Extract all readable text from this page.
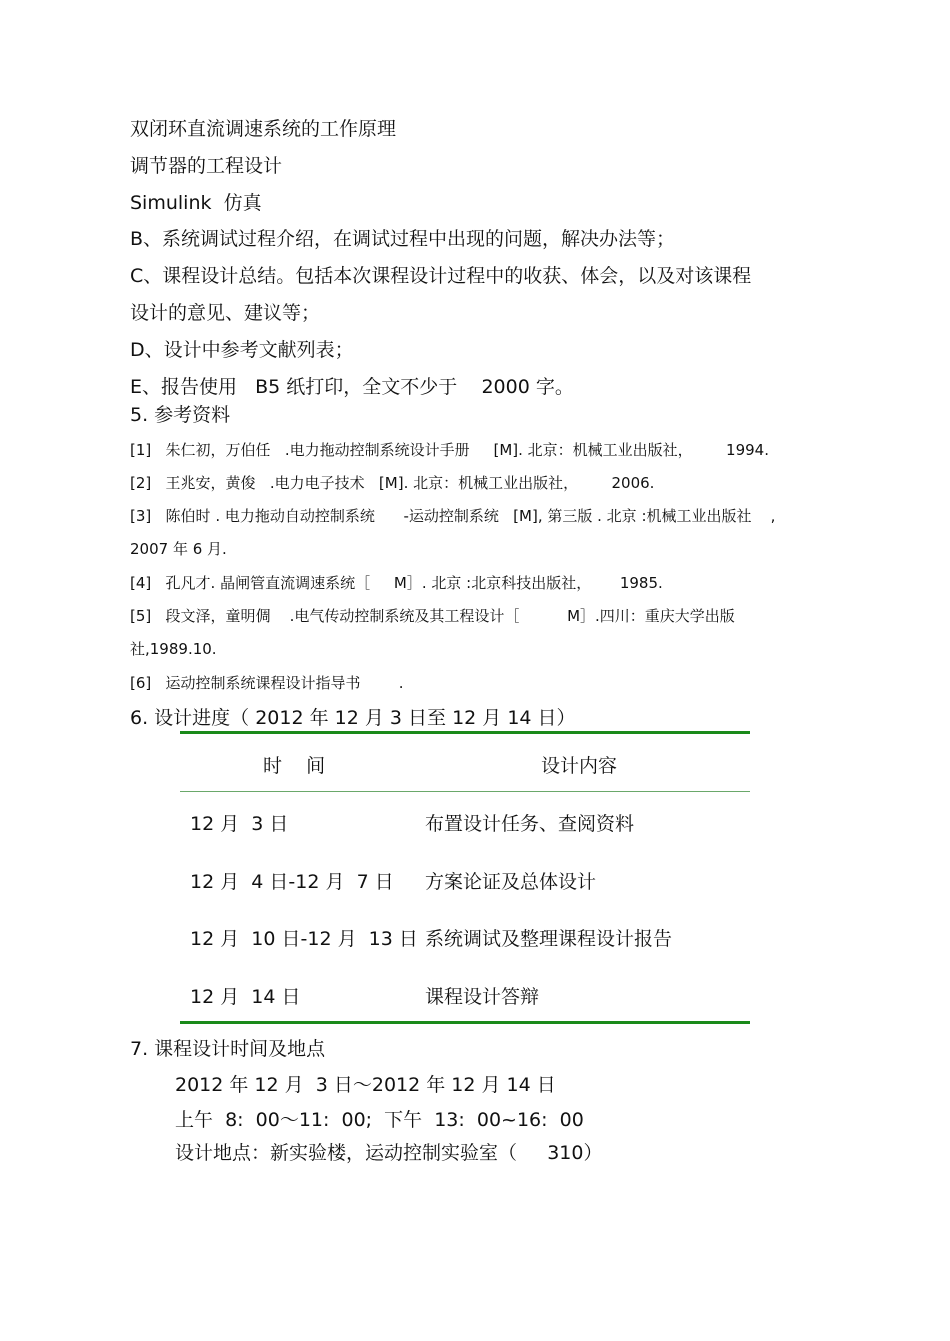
双闭环直流调速系统的工作原理
调节器的工程设计
Simulink  仿真
B、系统调试过程介绍，在调试过程中出现的问题，解决办法等；
C、课程设计总结。包括本次课程设计过程中的收获、体会，以及对该课程
设计的意见、建议等；
D、设计中参考文献列表；
E、报告使用   B5 纸打印，全文不少于    2000 字。
5. 参考资料
[1]   朱仁初，万伯任   .电力拖动控制系统设计手册     [M]. 北京：机械工业出版社，       1994.
[2]   王兆安，黄俊   .电力电子技术   [M]. 北京：机械工业出版社，       2006.
[3]   陈伯时 . 电力拖动自动控制系统      -运动控制系统   [M], 第三版 . 北京 :机械工业出版社    ,
2007 年 6 月.
[4]   孔凡才. 晶闸管直流调速系统［     M］. 北京 :北京科技出版社，      1985.
[5]   段文泽，童明倜    .电气传动控制系统及其工程设计［          M］.四川：重庆大学出版
社,1989.10.
[6]   运动控制系统课程设计指导书        .
6. 设计进度（ 2012 年 12 月 3 日至 12 月 14 日）
时    间	设计内容
12 月  3 日	布置设计任务、查阅资料
12 月  4 日-12 月  7 日 方案论证及总体设计
12 月  10 日-12 月  13 日 系统调试及整理课程设计报告
12 月  14 日	课程设计答辩
7. 课程设计时间及地点
2012 年 12 月  3 日～2012 年 12 月 14 日
上午  8:  00～11:  00;  下午  13:  00~16:  00
设计地点：新实验楼，运动控制实验室（     310）
